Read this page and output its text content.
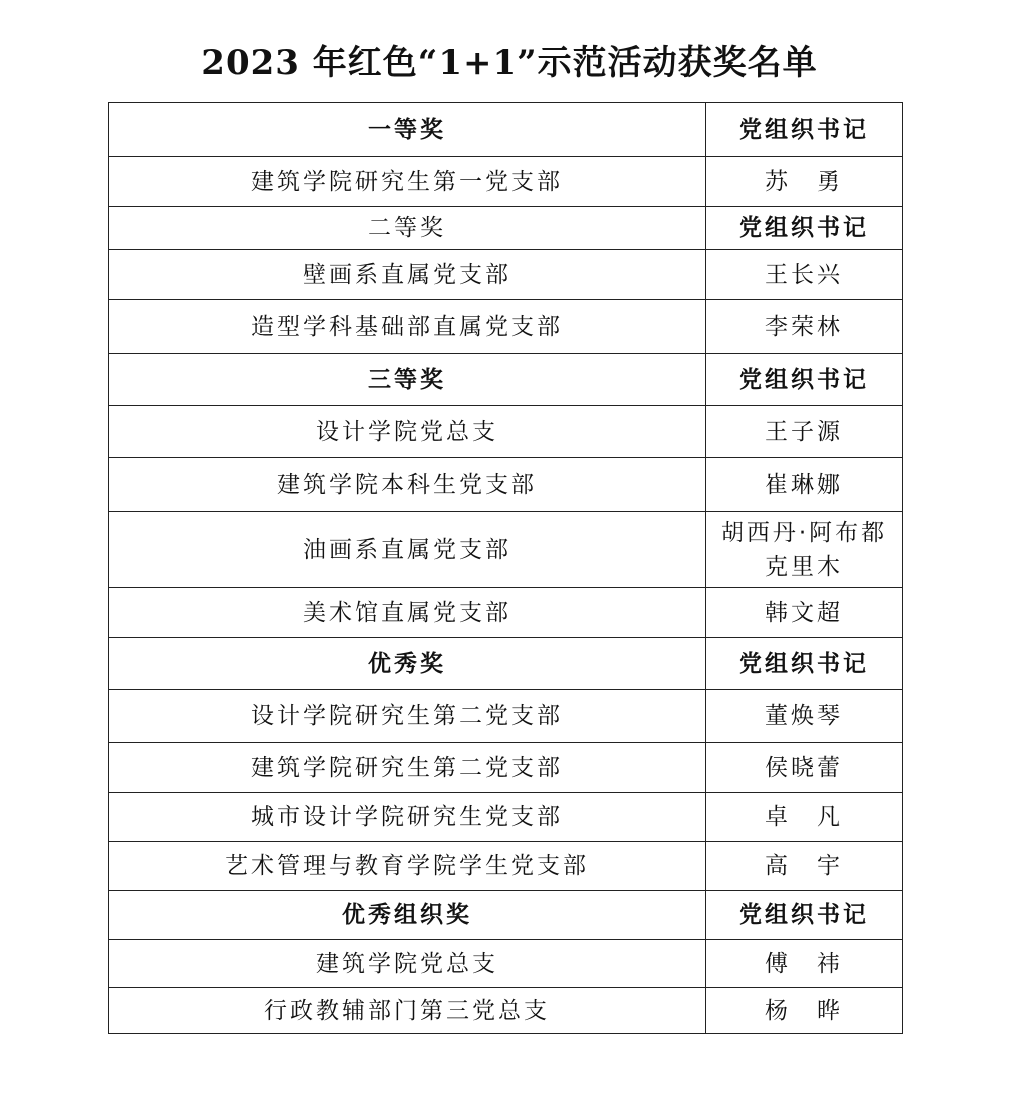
2023 年红色“1+1”示范活动获奖名单
一等奖	党组织书记
建筑学院研究生第一党支部	苏　勇
二等奖	党组织书记
壁画系直属党支部	王长兴
造型学科基础部直属党支部	李荣林
三等奖	党组织书记
设计学院党总支	王子源
建筑学院本科生党支部	崔琳娜
油画系直属党支部	胡西丹·阿布都
克里木

美术馆直属党支部	韩文超
优秀奖	党组织书记
设计学院研究生第二党支部	董焕琴
建筑学院研究生第二党支部	侯晓蕾
城市设计学院研究生党支部	卓　凡
艺术管理与教育学院学生党支部	高　宇
优秀组织奖	党组织书记
建筑学院党总支	傅　祎
行政教辅部门第三党总支	杨　晔
